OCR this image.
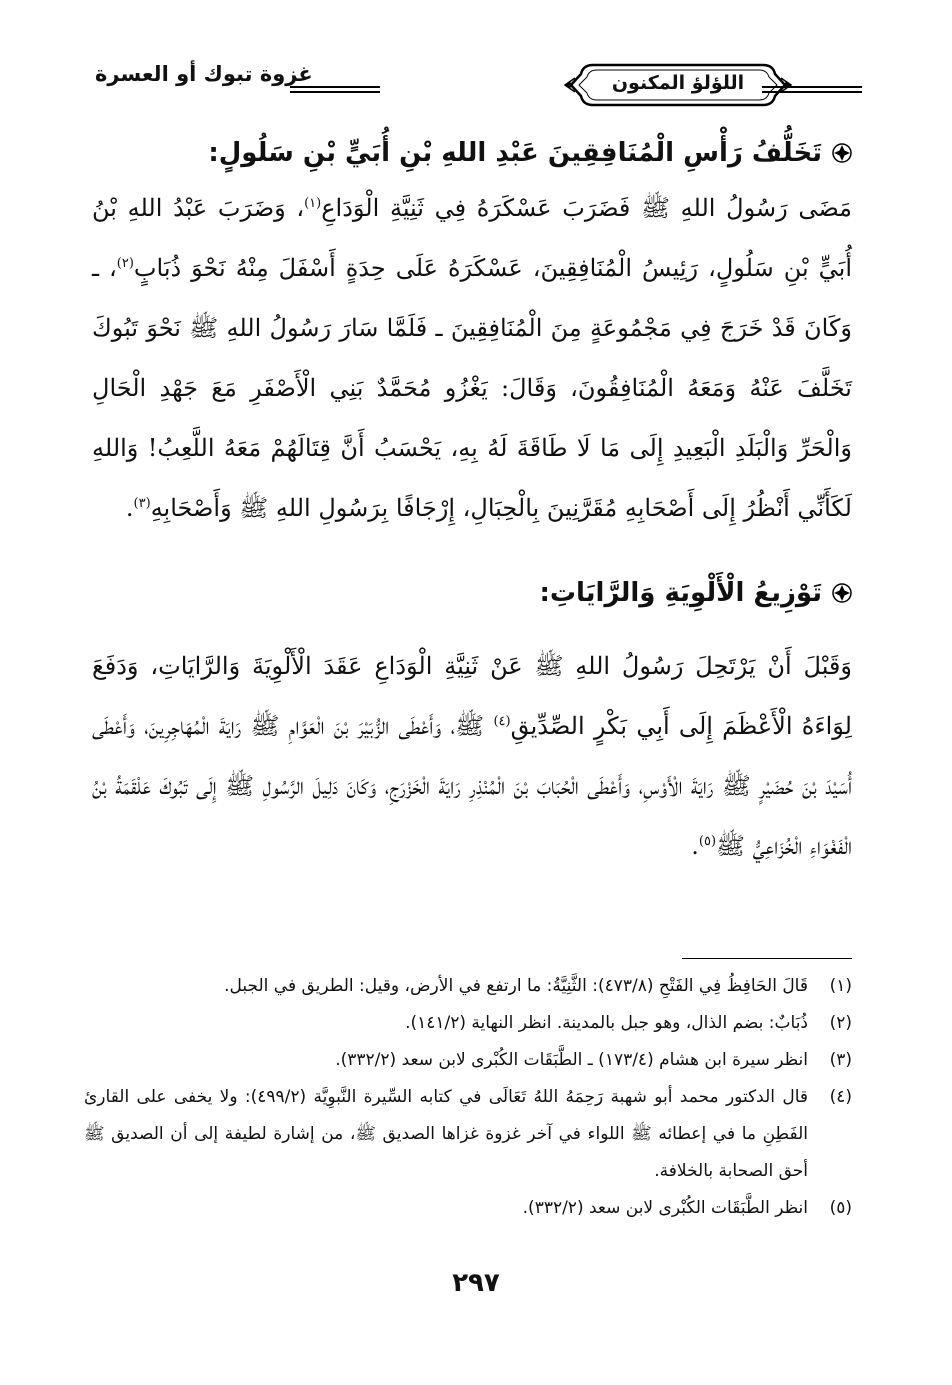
غزوة تبوك أو العسرة	اللؤلؤ المكنون
تَخَلُّفُ رَأْسِ الْمُنَافِقِينَ عَبْدِ اللهِ بْنِ أُبَيٍّ بْنِ سَلُولٍ:
مَضَى رَسُولُ اللهِ ﷺ فَضَرَبَ عَسْكَرَهُ فِي ثَنِيَّةِ الْوَدَاعِ$^{(١)}$، وَضَرَبَ عَبْدُ اللهِ بْنُ أُبَيٍّ بْنِ سَلُولٍ، رَئِيسُ الْمُنَافِقِينَ، عَسْكَرَهُ عَلَى حِدَةٍ أَسْفَلَ مِنْهُ نَحْوَ ذُبَابٍ$^{(٢)}$، ـ وَكَانَ قَدْ خَرَجَ فِي مَجْمُوعَةٍ مِنَ الْمُنَافِقِينَ ـ فَلَمَّا سَارَ رَسُولُ اللهِ ﷺ نَحْوَ تَبُوكَ تَخَلَّفَ عَنْهُ وَمَعَهُ الْمُنَافِقُونَ، وَقَالَ: يَغْزُو مُحَمَّدٌ بَنِي الْأَصْفَرِ مَعَ جَهْدِ الْحَالِ وَالْحَرِّ وَالْبَلَدِ الْبَعِيدِ إِلَى مَا لَا طَاقَةَ لَهُ بِهِ، يَحْسَبُ أَنَّ قِتَالَهُمْ مَعَهُ اللَّعِبُ! وَاللهِ لَكَأَنِّي أَنْظُرُ إِلَى أَصْحَابِهِ مُقَرَّنِينَ بِالْحِبَالِ، إِرْجَافًا بِرَسُولِ اللهِ ﷺ وَأَصْحَابِهِ$^{(٣)}$.
تَوْزِيعُ الْأَلْوِيَةِ وَالرَّايَاتِ:
وَقَبْلَ أَنْ يَرْتَحِلَ رَسُولُ اللهِ ﷺ عَنْ ثَنِيَّةِ الْوَدَاعِ عَقَدَ الْأَلْوِيَةَ وَالرَّايَاتِ، وَدَفَعَ لِوَاءَهُ الْأَعْظَمَ إِلَى أَبِي بَكْرٍ الصِّدِّيقِ$^{(٤)}$ ﷺ، وَأَعْطَى الزُّبَيْرَ بْنَ الْعَوَّامِ ﷺ رَايَةَ الْمُهَاجِرِينَ، وَأَعْطَى أُسَيْدَ بْنَ حُضَيْرٍ ﷺ رَايَةَ الْأَوْسِ، وَأَعْطَى الْحُبَابَ بْنَ الْمُنْذِرِ رَايَةَ الْخَزْرَجِ، وَكَانَ دَلِيلَ الرَّسُولِ ﷺ إِلَى تَبُوكَ عَلْقَمَةُ بْنُ الْفَغْوَاءِ الْخُزَاعِيُّ ﷺ$^{(٥)}$.
(١)
قَالَ الحَافِظُ فِي الفَتْحِ (٤٧٣/٨): الثَّنِيَّةُ: ما ارتفع في الأرض، وقيل: الطريق في الجبل.
(٢)
ذُبَابٌ: بضم الذال، وهو جبل بالمدينة. انظر النهاية (١٤١/٢).
(٣)
انظر سيرة ابن هشام (١٧٣/٤) ـ الطَّبَقَات الكُبْرى لابن سعد (٣٣٢/٢).
(٤)
قال الدكتور محمد أبو شهبة رَحِمَهُ اللهُ تَعَالَى في كتابه السِّيرة النَّبوِيَّة (٤٩٩/٢): ولا يخفى على القارئ الفَطِنِ ما في إعطائه ﷺ اللواء في آخر غزوة غزاها الصديق ﷺ، من إشارة لطيفة إلى أن الصديق ﷺ أحق الصحابة بالخلافة.
(٥)
انظر الطَّبَقَات الكُبْرى لابن سعد (٣٣٢/٢).
٢٩٧
